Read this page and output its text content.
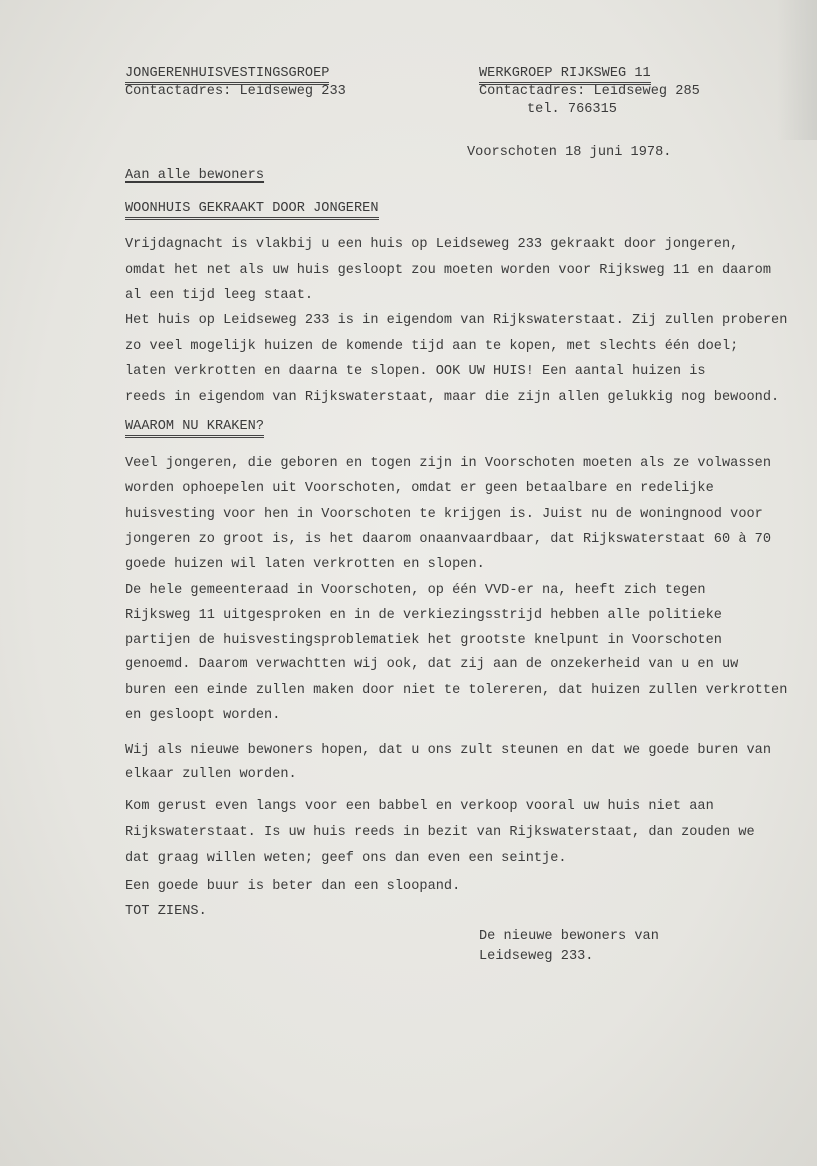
JONGERENHUISVESTINGSGROEP
Contactadres: Leidseweg 233
WERKGROEP RIJKSWEG 11
Contactadres: Leidseweg 285
tel. 766315
Voorschoten 18 juni 1978.
Aan alle bewoners
WOONHUIS GEKRAAKT DOOR JONGEREN
Vrijdagnacht is vlakbij u een huis op Leidseweg 233 gekraakt door jongeren,
omdat het net als uw huis gesloopt zou moeten worden voor Rijksweg 11 en daarom
al een tijd leeg staat.
Het huis op Leidseweg 233 is in eigendom van Rijkswaterstaat. Zij zullen proberen
zo veel mogelijk huizen de komende tijd aan te kopen, met slechts één doel;
laten verkrotten en daarna te slopen. OOK UW HUIS! Een aantal huizen is
reeds in eigendom van Rijkswaterstaat, maar die zijn allen gelukkig nog bewoond.
WAAROM NU KRAKEN?
Veel jongeren, die geboren en togen zijn in Voorschoten moeten als ze volwassen
worden ophoepelen uit Voorschoten, omdat er geen betaalbare en redelijke
huisvesting voor hen in Voorschoten te krijgen is. Juist nu de woningnood voor
jongeren zo groot is, is het daarom onaanvaardbaar, dat Rijkswaterstaat 60 à 70
goede huizen wil laten verkrotten en slopen.
De hele gemeenteraad in Voorschoten, op één VVD-er na, heeft zich tegen
Rijksweg 11 uitgesproken en in de verkiezingsstrijd hebben alle politieke
partijen de huisvestingsproblematiek het grootste knelpunt in Voorschoten
genoemd. Daarom verwachtten wij ook, dat zij aan de onzekerheid van u en uw
buren een einde zullen maken door niet te tolereren, dat huizen zullen verkrotten
en gesloopt worden.
Wij als nieuwe bewoners hopen, dat u ons zult steunen en dat we goede buren van
elkaar zullen worden.
Kom gerust even langs voor een babbel en verkoop vooral uw huis niet aan
Rijkswaterstaat. Is uw huis reeds in bezit van Rijkswaterstaat, dan zouden we
dat graag willen weten; geef ons dan even een seintje.
Een goede buur is beter dan een sloopand.
TOT ZIENS.
De nieuwe bewoners van
Leidseweg 233.
